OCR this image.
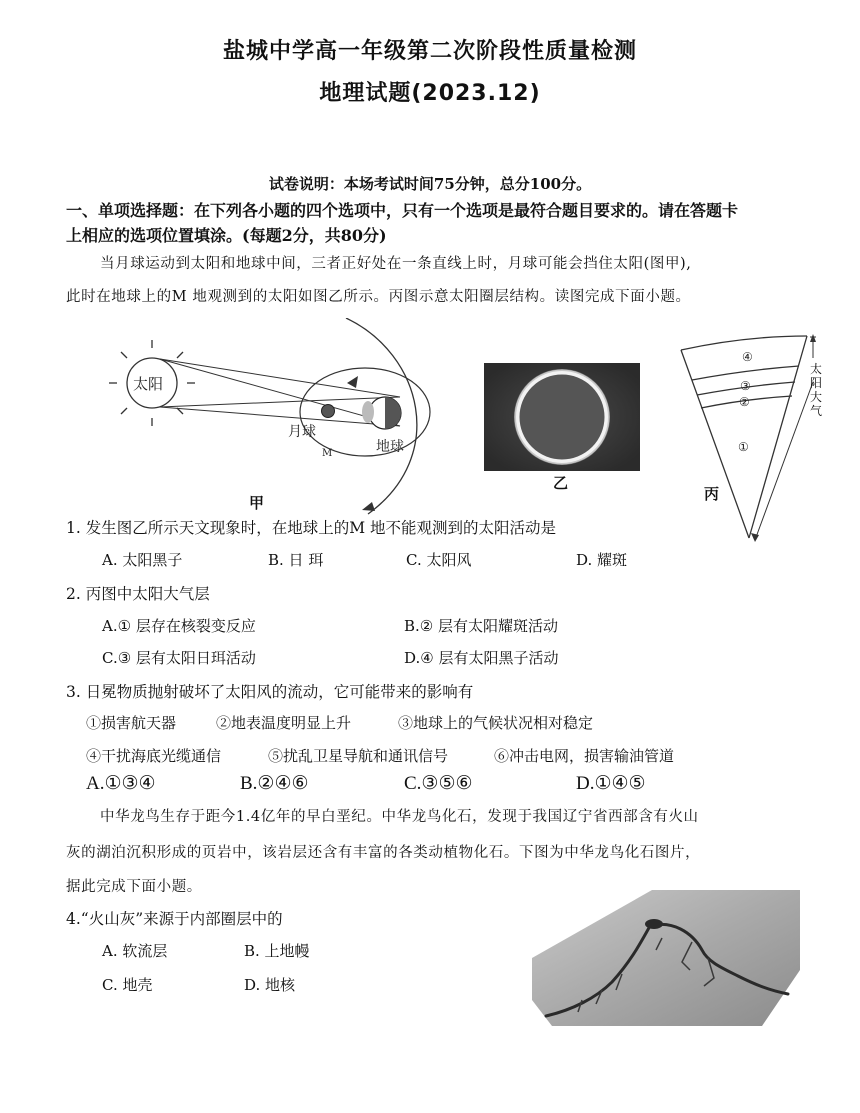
盐城中学高一年级第二次阶段性质量检测
地理试题(2023.12)
试卷说明：本场考试时间75分钟，总分100分。
一、单项选择题：在下列各小题的四个选项中，只有一个选项是最符合题目要求的。请在答题卡
上相应的选项位置填涂。(每题2分，共80分)
当月球运动到太阳和地球中间，三者正好处在一条直线上时，月球可能会挡住太阳(图甲),
此时在地球上的M 地观测到的太阳如图乙所示。丙图示意太阳圈层结构。读图完成下面小题。
太阳
月球
M	地球
甲
乙
④
③
②
①
太阳大气
丙
1. 发生图乙所示天文现象时，在地球上的M 地不能观测到的太阳活动是
A. 太阳黑子	B. 日 珥	C. 太阳风	D. 耀斑
2. 丙图中太阳大气层
A.① 层存在核裂变反应	B.② 层有太阳耀斑活动
C.③ 层有太阳日珥活动	D.④ 层有太阳黑子活动
3. 日冕物质抛射破坏了太阳风的流动，它可能带来的影响有
①损害航天器	②地表温度明显上升	③地球上的气候状况相对稳定
④干扰海底光缆通信	⑤扰乱卫星导航和通讯信号	⑥冲击电网，损害输油管道
A.①③④	B.②④⑥	C.③⑤⑥	D.①④⑤
中华龙鸟生存于距今1.4亿年的早白垩纪。中华龙鸟化石，发现于我国辽宁省西部含有火山
灰的湖泊沉积形成的页岩中，该岩层还含有丰富的各类动植物化石。下图为中华龙鸟化石图片，
据此完成下面小题。
4.“火山灰”来源于内部圈层中的
A. 软流层	B. 上地幔
C. 地壳	D. 地核
